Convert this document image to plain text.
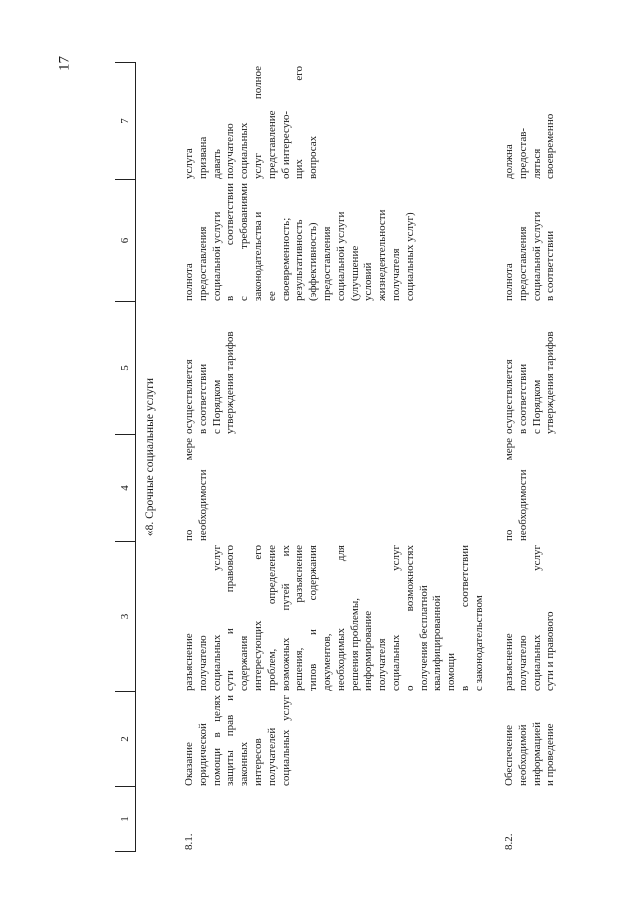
17
1
2
3
4
5
6
7
«8. Срочные социальные услуги
8.1.
Оказание юридической помощи в целях защиты прав и законных интересов получателей социальных услуг
разъяснение получателю социальных услуг сути и правового содержания интересующих его проблем, определение возможных путей их решения, разъяснение типов и содержания документов, необходимых для решения проблемы, информирование получателя социальных услуг о возможностях получения бесплатной квалифицированной помощи в соответствии с законодательством
по мере необходимости
осуществляется в соответствии с Порядком утверждения тарифов
полнота предоставления социальной услуги в соответствии с требованиями законодательства и ее своевременность; результативность (эффективность) предоставления социальной услуги (улучшение условий жизнедеятельности получателя социальных услуг)
услуга призвана давать получателю социальных услуг полное представление об интересую- щих его вопросах
8.2.
Обеспечение необходимой информацией и проведение
разъяснение получателю социальных услуг сути и правового
по мере необходимости
осуществляется в соответствии с Порядком утверждения тарифов
полнота предоставления социальной услуги в соответствии
должна предостав- ляться своевременно
